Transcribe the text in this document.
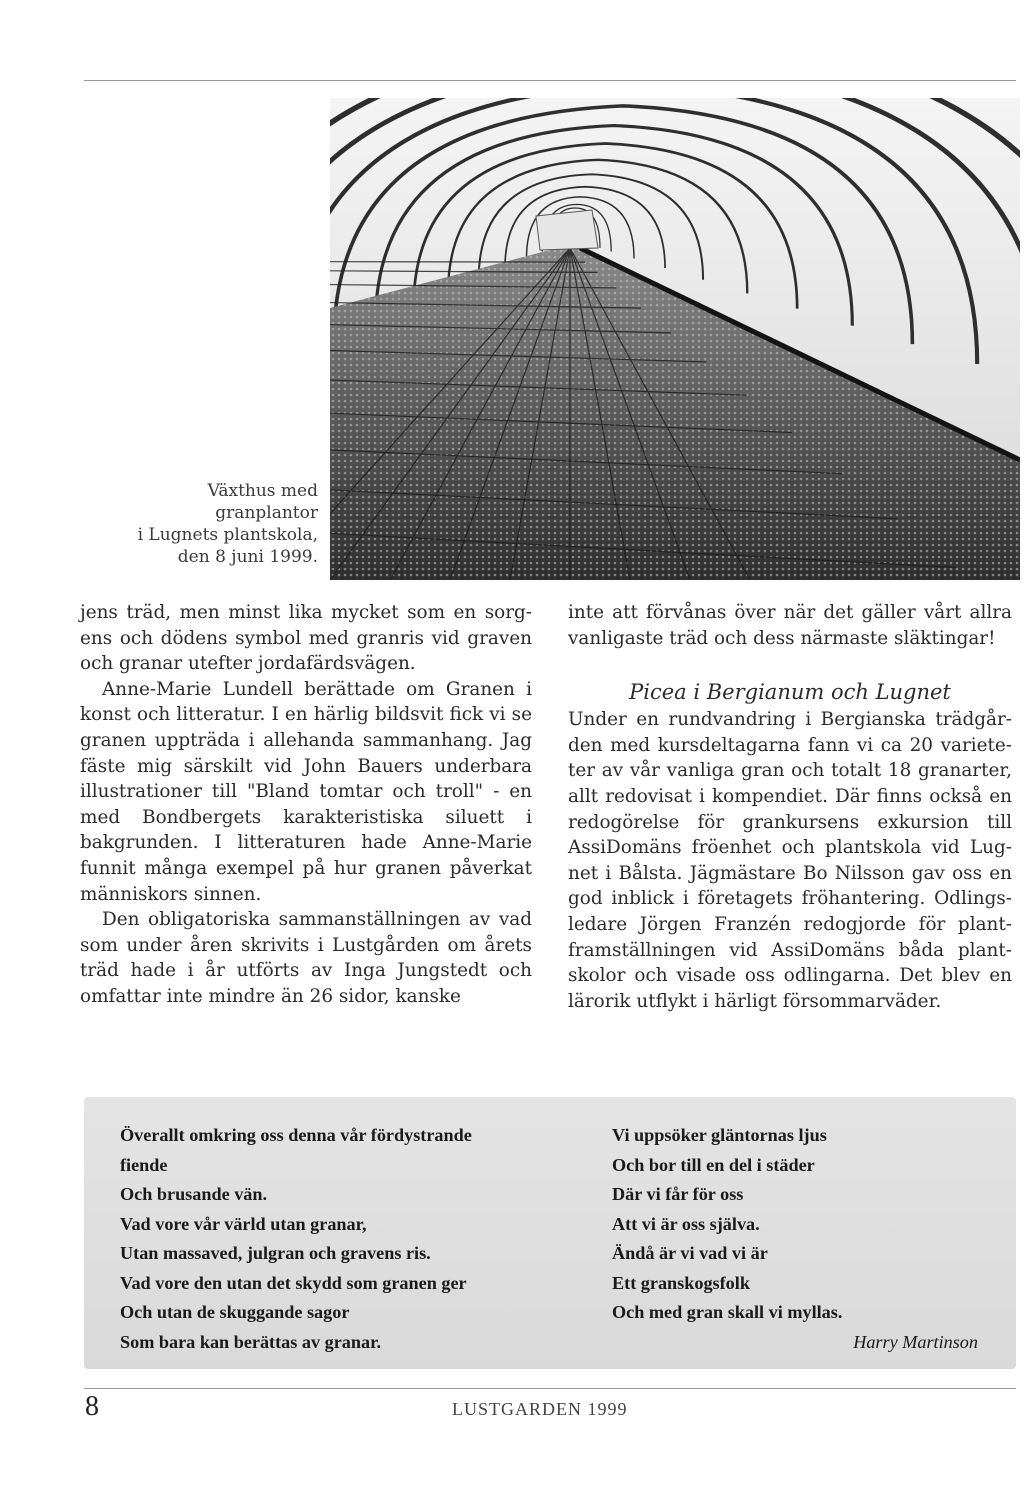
Växthus med
granplantor
i Lugnets plantskola,
den 8 juni 1999.

jens träd, men minst lika mycket som en sorgens och dödens symbol med granris vid graven och granar utefter jordafärdsvägen.

Anne-Marie Lundell berättade om Granen i konst och litteratur. I en härlig bildsvit fick vi se granen uppträda i allehanda sammanhang. Jag fäste mig särskilt vid John Bauers underbara illustrationer till "Bland tomtar och troll" - en med Bondbergets karakteristiska siluett i bakgrunden. I litteraturen hade Anne-Marie funnit många exempel på hur granen påverkat människors sinnen.

Den obligatoriska sammanställningen av vad som under åren skrivits i Lustgården om årets träd hade i år utförts av Inga Jungstedt och omfattar inte mindre än 26 sidor, kanske

inte att förvånas över när det gäller vårt allra vanligaste träd och dess närmaste släktingar!

Picea i Bergianum och Lugnet

Under en rundvandring i Bergianska trädgården med kursdeltagarna fann vi ca 20 varieteter av vår vanliga gran och totalt 18 granarter, allt redovisat i kompendiet. Där finns också en redogörelse för grankursens exkursion till AssiDomäns fröenhet och plantskola vid Lugnet i Bålsta. Jägmästare Bo Nilsson gav oss en god inblick i företagets fröhantering. Odlingsledare Jörgen Franzén redogjorde för plantframställningen vid AssiDomäns båda plantskolor och visade oss odlingarna. Det blev en lärorik utflykt i härligt försommarväder.

Överallt omkring oss denna vår fördystrande
fiende
Och brusande vän.
Vad vore vår värld utan granar,
Utan massaved, julgran och gravens ris.
Vad vore den utan det skydd som granen ger
Och utan de skuggande sagor
Som bara kan berättas av granar.
Vi uppsöker gläntornas ljus
Och bor till en del i städer
Där vi får för oss
Att vi är oss själva.
Ändå är vi vad vi är
Ett granskogsfolk
Och med gran skall vi myllas.
Harry Martinson
8	LUSTGARDEN 1999
